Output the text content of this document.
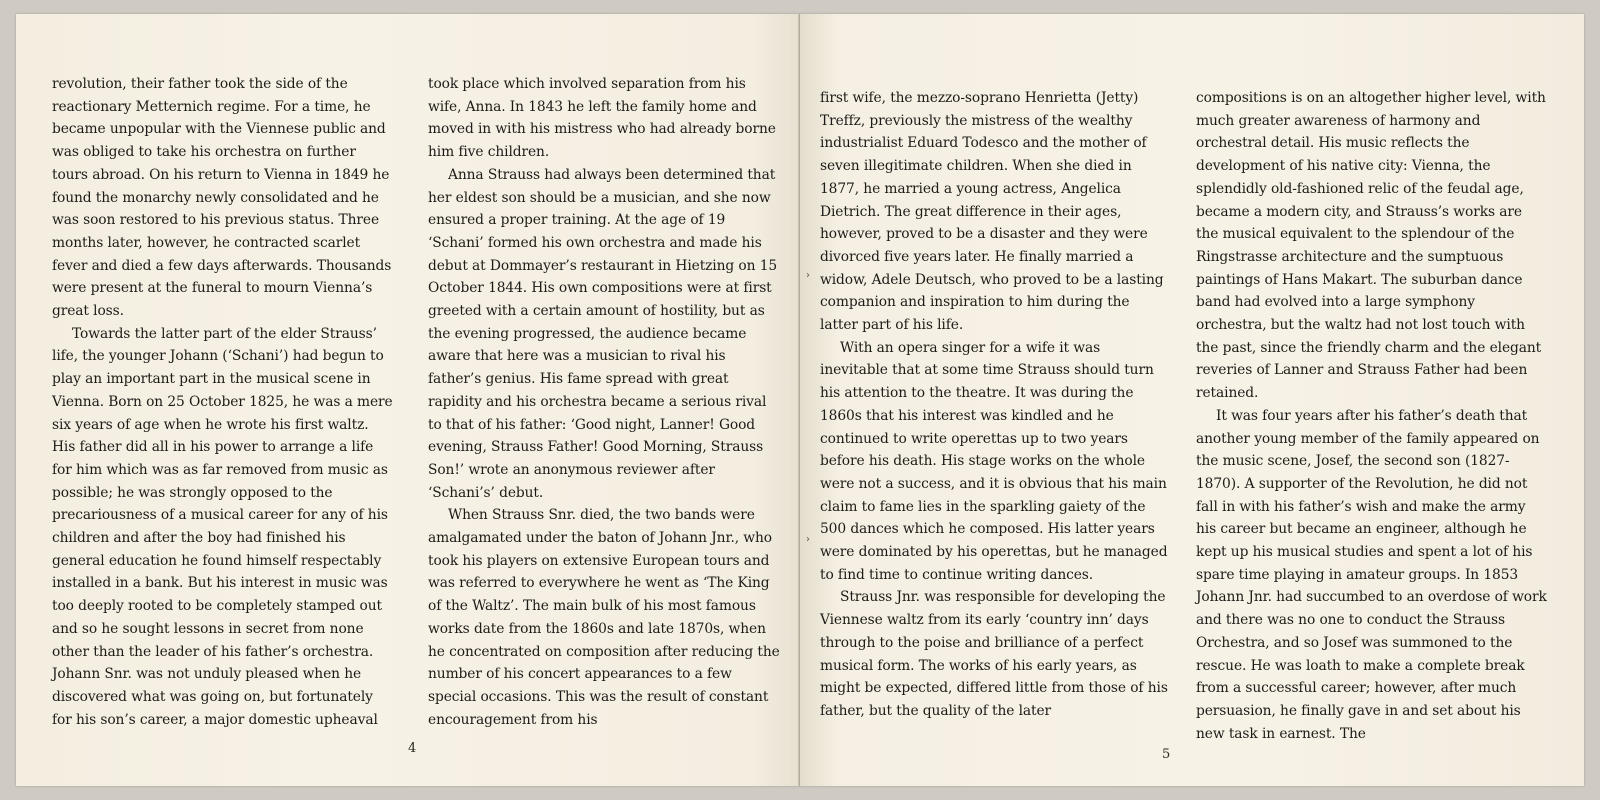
revolution, their father took the side of the reactionary Metternich regime. For a time, he became unpopular with the Viennese public and was obliged to take his orchestra on further tours abroad. On his return to Vienna in 1849 he found the monarchy newly consolidated and he was soon restored to his previous status. Three months later, however, he contracted scarlet fever and died a few days afterwards. Thousands were present at the funeral to mourn Vienna’s great loss.

Towards the latter part of the elder Strauss’ life, the younger Johann (‘Schani’) had begun to play an important part in the musical scene in Vienna. Born on 25 October 1825, he was a mere six years of age when he wrote his first waltz. His father did all in his power to arrange a life for him which was as far removed from music as possible; he was strongly opposed to the precariousness of a musical career for any of his children and after the boy had finished his general education he found himself respectably installed in a bank. But his interest in music was too deeply rooted to be completely stamped out and so he sought lessons in secret from none other than the leader of his father’s orchestra. Johann Snr. was not unduly pleased when he discovered what was going on, but fortunately for his son’s career, a major domestic upheaval

took place which involved separation from his wife, Anna. In 1843 he left the family home and moved in with his mistress who had already borne him five children.

Anna Strauss had always been determined that her eldest son should be a musician, and she now ensured a proper training. At the age of 19 ‘Schani’ formed his own orchestra and made his debut at Dommayer’s restaurant in Hietzing on 15 October 1844. His own compositions were at first greeted with a certain amount of hostility, but as the evening progressed, the audience became aware that here was a musician to rival his father’s genius. His fame spread with great rapidity and his orchestra became a serious rival to that of his father: ‘Good night, Lanner! Good evening, Strauss Father! Good Morning, Strauss Son!’ wrote an anonymous reviewer after ‘Schani’s’ debut.

When Strauss Snr. died, the two bands were amalgamated under the baton of Johann Jnr., who took his players on extensive European tours and was referred to everywhere he went as ‘The King of the Waltz’. The main bulk of his most famous works date from the 1860s and late 1870s, when he concentrated on composition after reducing the number of his concert appearances to a few special occasions. This was the result of constant encouragement from his

4

first wife, the mezzo-soprano Henrietta (Jetty) Treffz, previously the mistress of the wealthy industrialist Eduard Todesco and the mother of seven illegitimate children. When she died in 1877, he married a young actress, Angelica Dietrich. The great difference in their ages, however, proved to be a disaster and they were divorced five years later. He finally married a widow, Adele Deutsch, who proved to be a lasting companion and inspiration to him during the latter part of his life.

With an opera singer for a wife it was inevitable that at some time Strauss should turn his attention to the theatre. It was during the 1860s that his interest was kindled and he continued to write operettas up to two years before his death. His stage works on the whole were not a success, and it is obvious that his main claim to fame lies in the sparkling gaiety of the 500 dances which he composed. His latter years were dominated by his operettas, but he managed to find time to continue writing dances.

Strauss Jnr. was responsible for developing the Viennese waltz from its early ‘country inn’ days through to the poise and brilliance of a perfect musical form. The works of his early years, as might be expected, differed little from those of his father, but the quality of the later

compositions is on an altogether higher level, with much greater awareness of harmony and orchestral detail. His music reflects the development of his native city: Vienna, the splendidly old-fashioned relic of the feudal age, became a modern city, and Strauss’s works are the musical equivalent to the splendour of the Ringstrasse architecture and the sumptuous paintings of Hans Makart. The suburban dance band had evolved into a large symphony orchestra, but the waltz had not lost touch with the past, since the friendly charm and the elegant reveries of Lanner and Strauss Father had been retained.

It was four years after his father’s death that another young member of the family appeared on the music scene, Josef, the second son (1827-1870). A supporter of the Revolution, he did not fall in with his father’s wish and make the army his career but became an engineer, although he kept up his musical studies and spent a lot of his spare time playing in amateur groups. In 1853 Johann Jnr. had succumbed to an overdose of work and there was no one to conduct the Strauss Orchestra, and so Josef was summoned to the rescue. He was loath to make a complete break from a successful career; however, after much persuasion, he finally gave in and set about his new task in earnest. The

5
›
›
